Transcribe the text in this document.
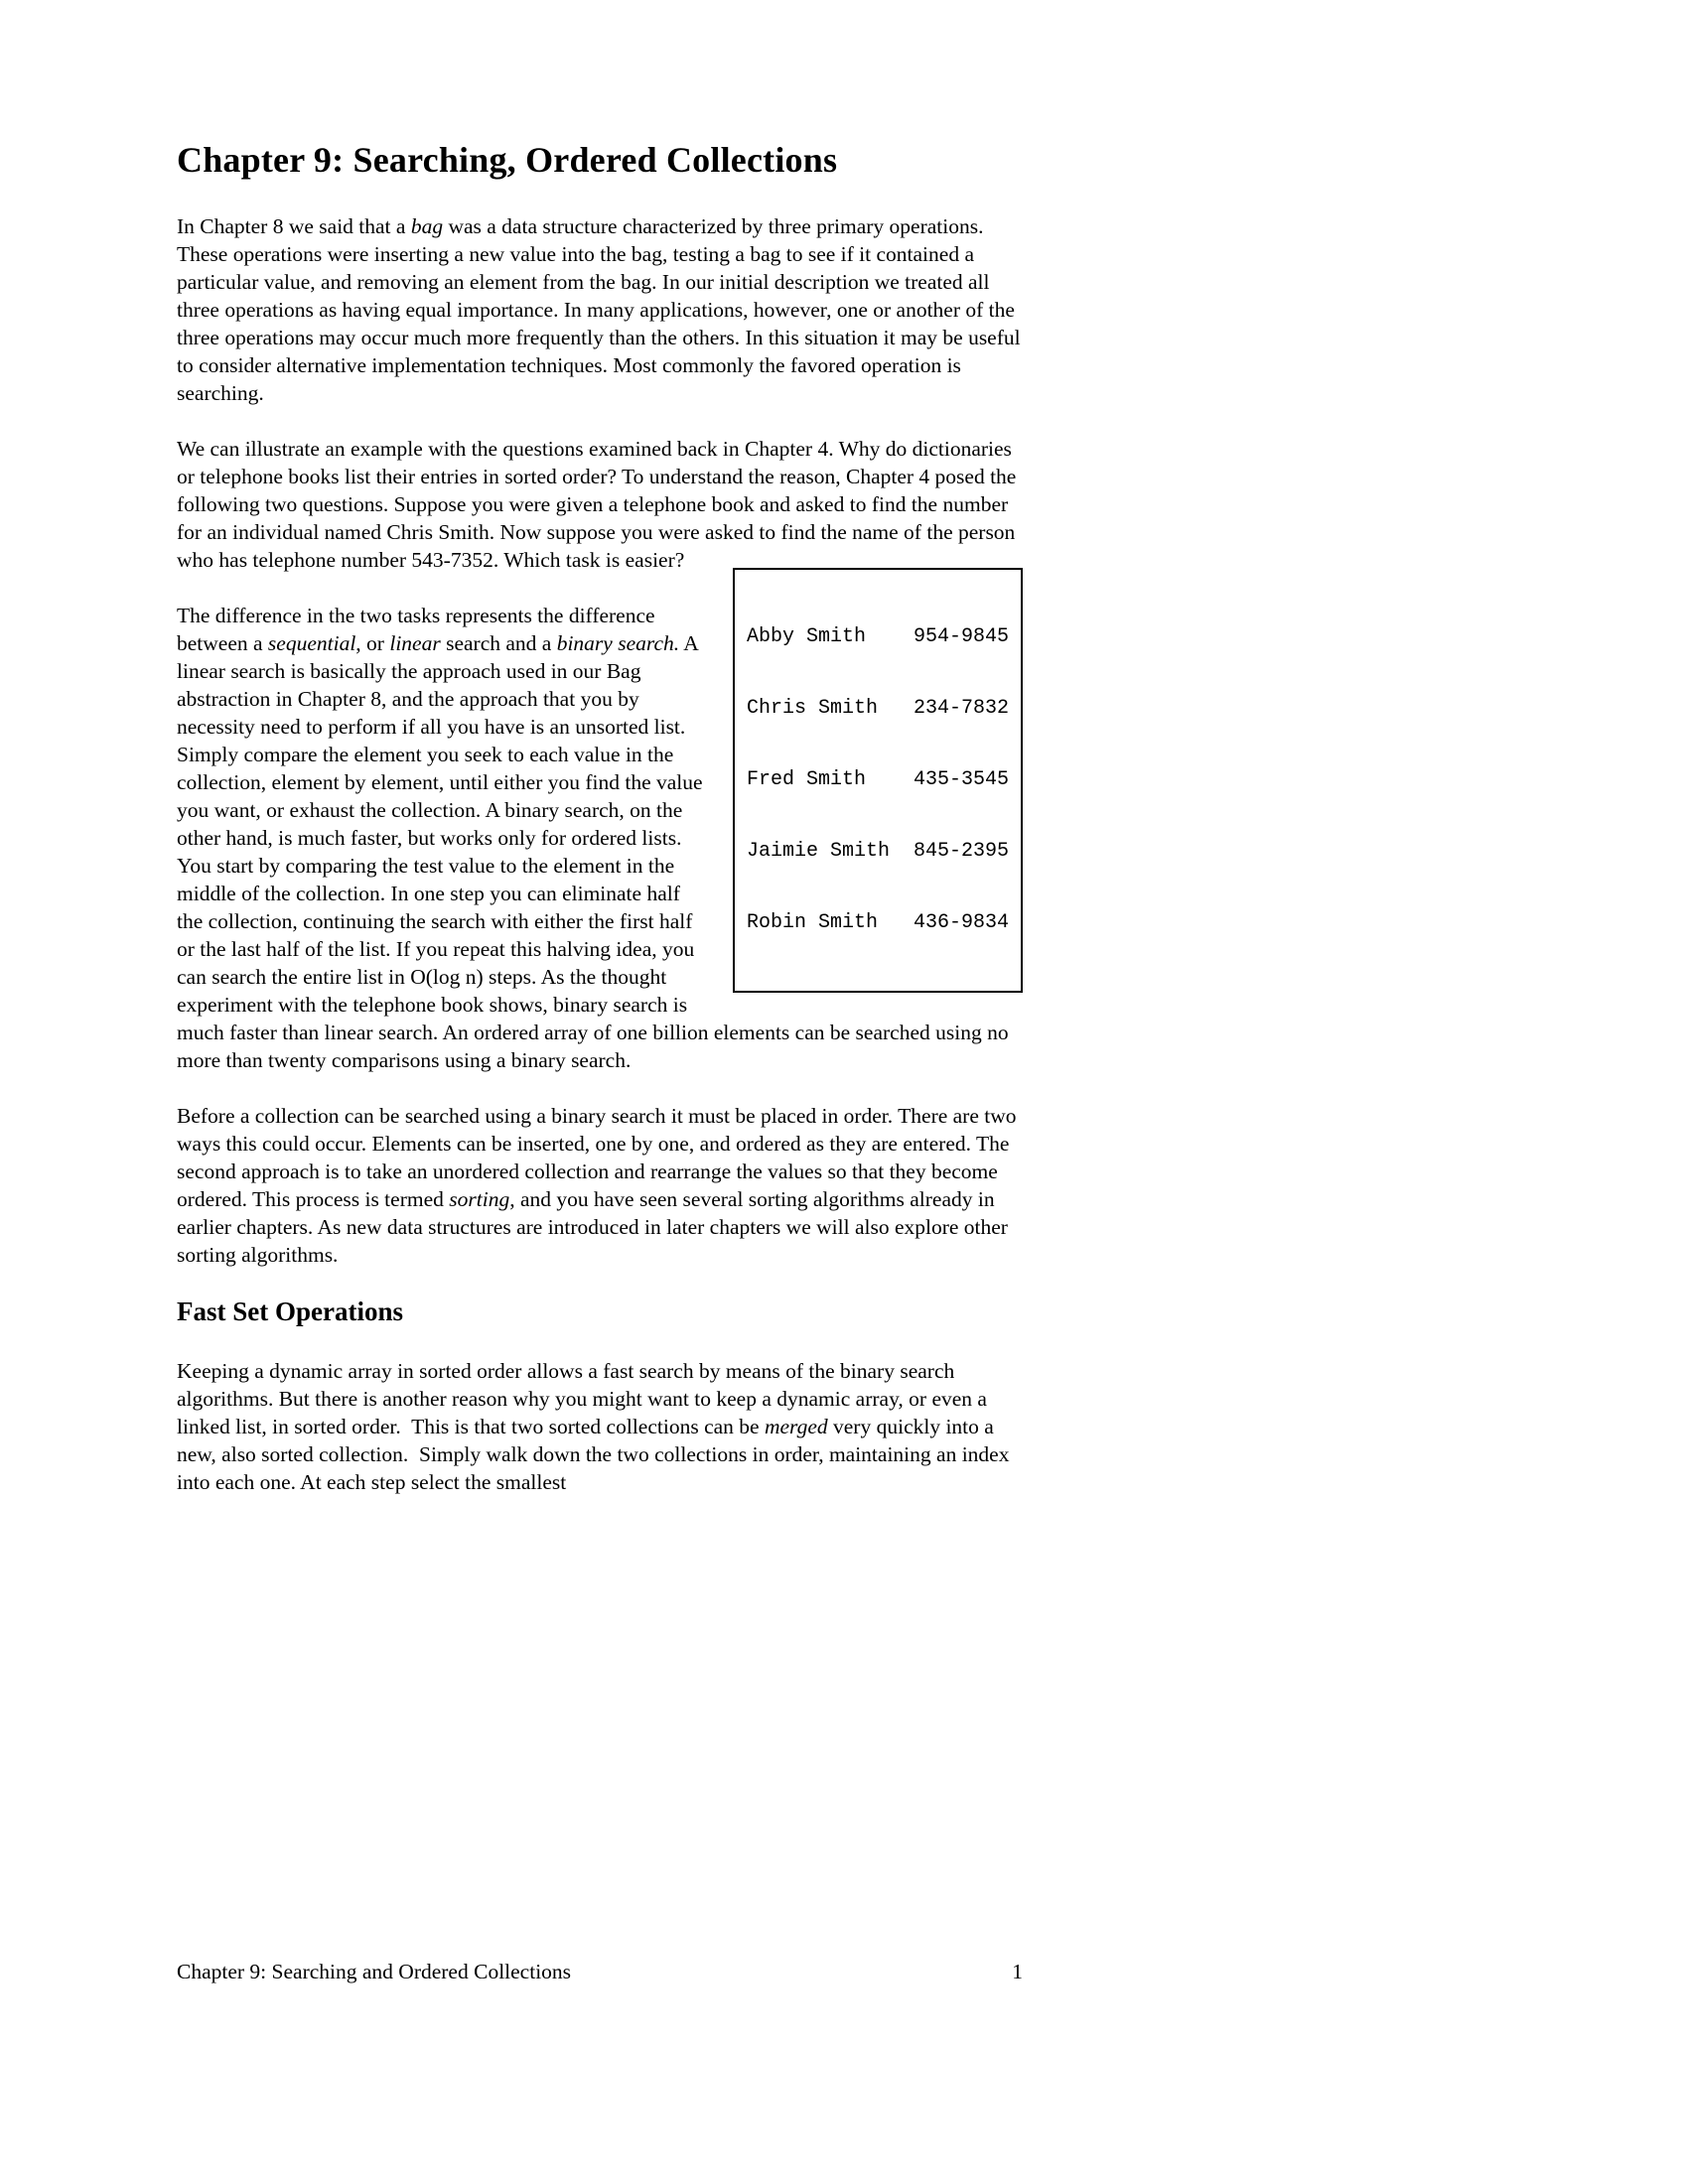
Chapter 9: Searching, Ordered Collections

In Chapter 8 we said that a bag was a data structure characterized by three primary operations. These operations were inserting a new value into the bag, testing a bag to see if it contained a particular value, and removing an element from the bag. In our initial description we treated all three operations as having equal importance. In many applications, however, one or another of the three operations may occur much more frequently than the others. In this situation it may be useful to consider alternative implementation techniques. Most commonly the favored operation is searching.

We can illustrate an example with the questions examined back in Chapter 4. Why do dictionaries or telephone books list their entries in sorted order? To understand the reason, Chapter 4 posed the following two questions. Suppose you were given a telephone book and asked to find the number for an individual named Chris Smith. Now suppose you were asked to find the name of the person who has telephone number 543-7352. Which task is easier?

Abby Smith 954-9845

Chris Smith 234-7832

Fred Smith 435-3545

Jaimie Smith 845-2395

Robin Smith 436-9834

The difference in the two tasks represents the difference between a sequential, or linear search and a binary search. A linear search is basically the approach used in our Bag abstraction in Chapter 8, and the approach that you by necessity need to perform if all you have is an unsorted list. Simply compare the element you seek to each value in the collection, element by element, until either you find the value you want, or exhaust the collection. A binary search, on the other hand, is much faster, but works only for ordered lists. You start by comparing the test value to the element in the middle of the collection. In one step you can eliminate half the collection, continuing the search with either the first half or the last half of the list. If you repeat this halving idea, you can search the entire list in O(log n) steps. As the thought experiment with the telephone book shows, binary search is much faster than linear search. An ordered array of one billion elements can be searched using no more than twenty comparisons using a binary search.

Before a collection can be searched using a binary search it must be placed in order. There are two ways this could occur. Elements can be inserted, one by one, and ordered as they are entered. The second approach is to take an unordered collection and rearrange the values so that they become ordered. This process is termed sorting, and you have seen several sorting algorithms already in earlier chapters. As new data structures are introduced in later chapters we will also explore other sorting algorithms.

Fast Set Operations

Keeping a dynamic array in sorted order allows a fast search by means of the binary search algorithms. But there is another reason why you might want to keep a dynamic array, or even a linked list, in sorted order.  This is that two sorted collections can be merged very quickly into a new, also sorted collection.  Simply walk down the two collections in order, maintaining an index into each one. At each step select the smallest

Chapter 9: Searching and Ordered Collections	1
